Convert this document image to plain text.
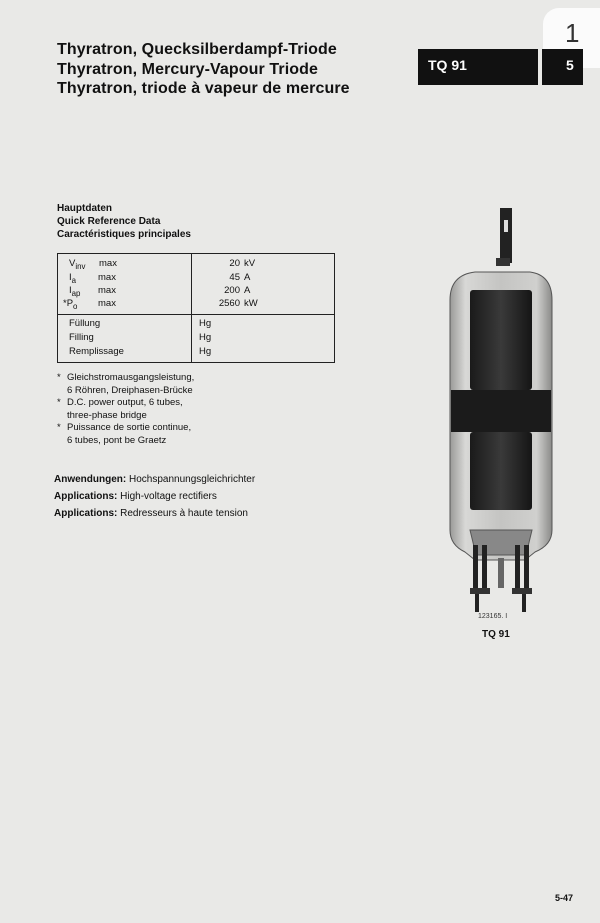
1
Thyratron, Quecksilberdampf-Triode
Thyratron, Mercury-Vapour Triode
Thyratron, triode à vapeur de mercure
TQ 91	5
Hauptdaten
Quick Reference Data
Caractéristiques principales
$V_{inv}$ max	20 kV
$I_a$ max	45 A
$I_{ap}$ max	200 A
$*P_o$ max	2560 kW
Füllung	Hg
Filling	Hg
Remplissage	Hg
* Gleichstromausgangsleistung,
6 Röhren, Dreiphasen-Brücke
* D.C. power output, 6 tubes,
three-phase bridge
* Puissance de sortie continue,
6 tubes, pont be Graetz
Anwendungen: Hochspannungsgleichrichter
Applications: High-voltage rectifiers
Applications: Redresseurs à haute tension
123165. I
TQ 91
5-47
